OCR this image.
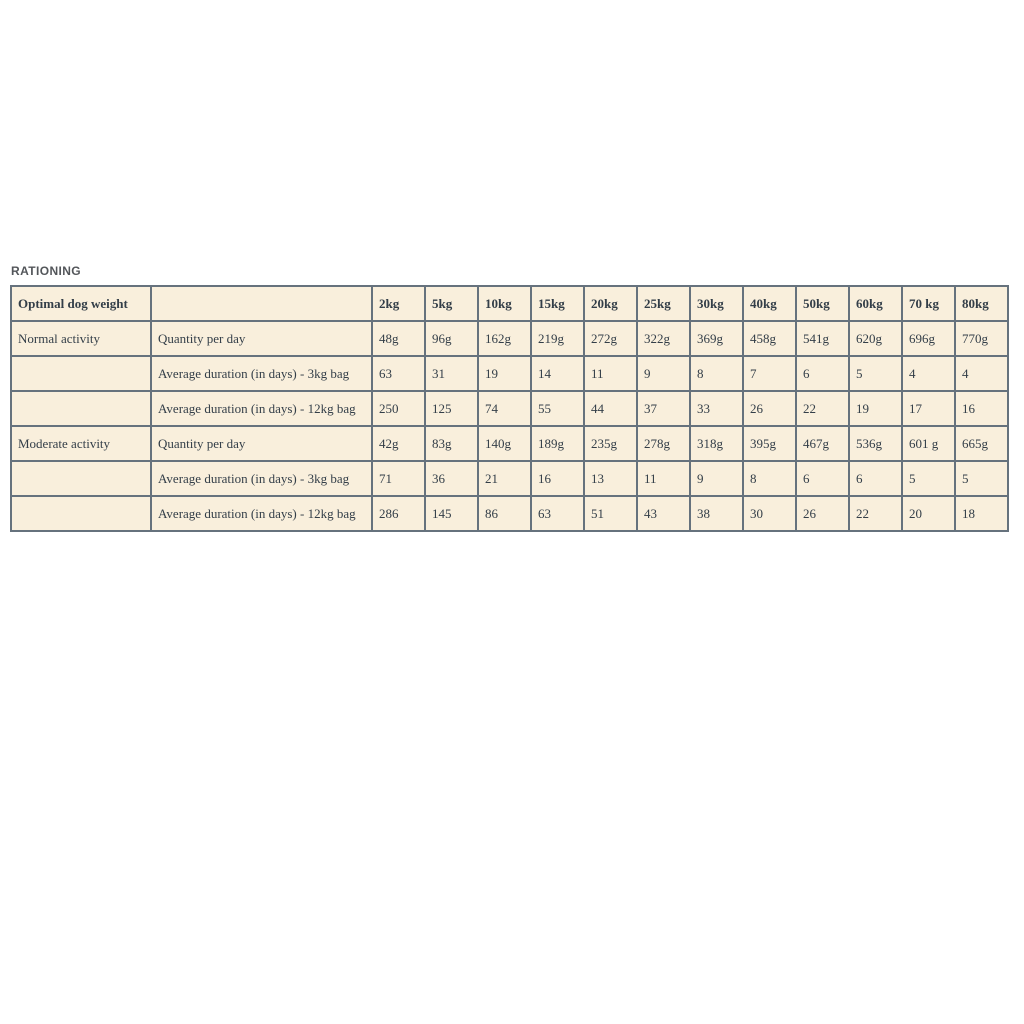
RATIONING
Optimal dog weight		2kg	5kg	10kg	15kg	20kg	25kg	30kg	40kg	50kg	60kg	70 kg	80kg
Normal activity	Quantity per day	48g	96g	162g	219g	272g	322g	369g	458g	541g	620g	696g	770g
	Average duration (in days) - 3kg bag	63	31	19	14	11	9	8	7	6	5	4	4
	Average duration (in days) - 12kg bag	250	125	74	55	44	37	33	26	22	19	17	16
Moderate activity	Quantity per day	42g	83g	140g	189g	235g	278g	318g	395g	467g	536g	601 g	665g
	Average duration (in days) - 3kg bag	71	36	21	16	13	11	9	8	6	6	5	5
	Average duration (in days) - 12kg bag	286	145	86	63	51	43	38	30	26	22	20	18
